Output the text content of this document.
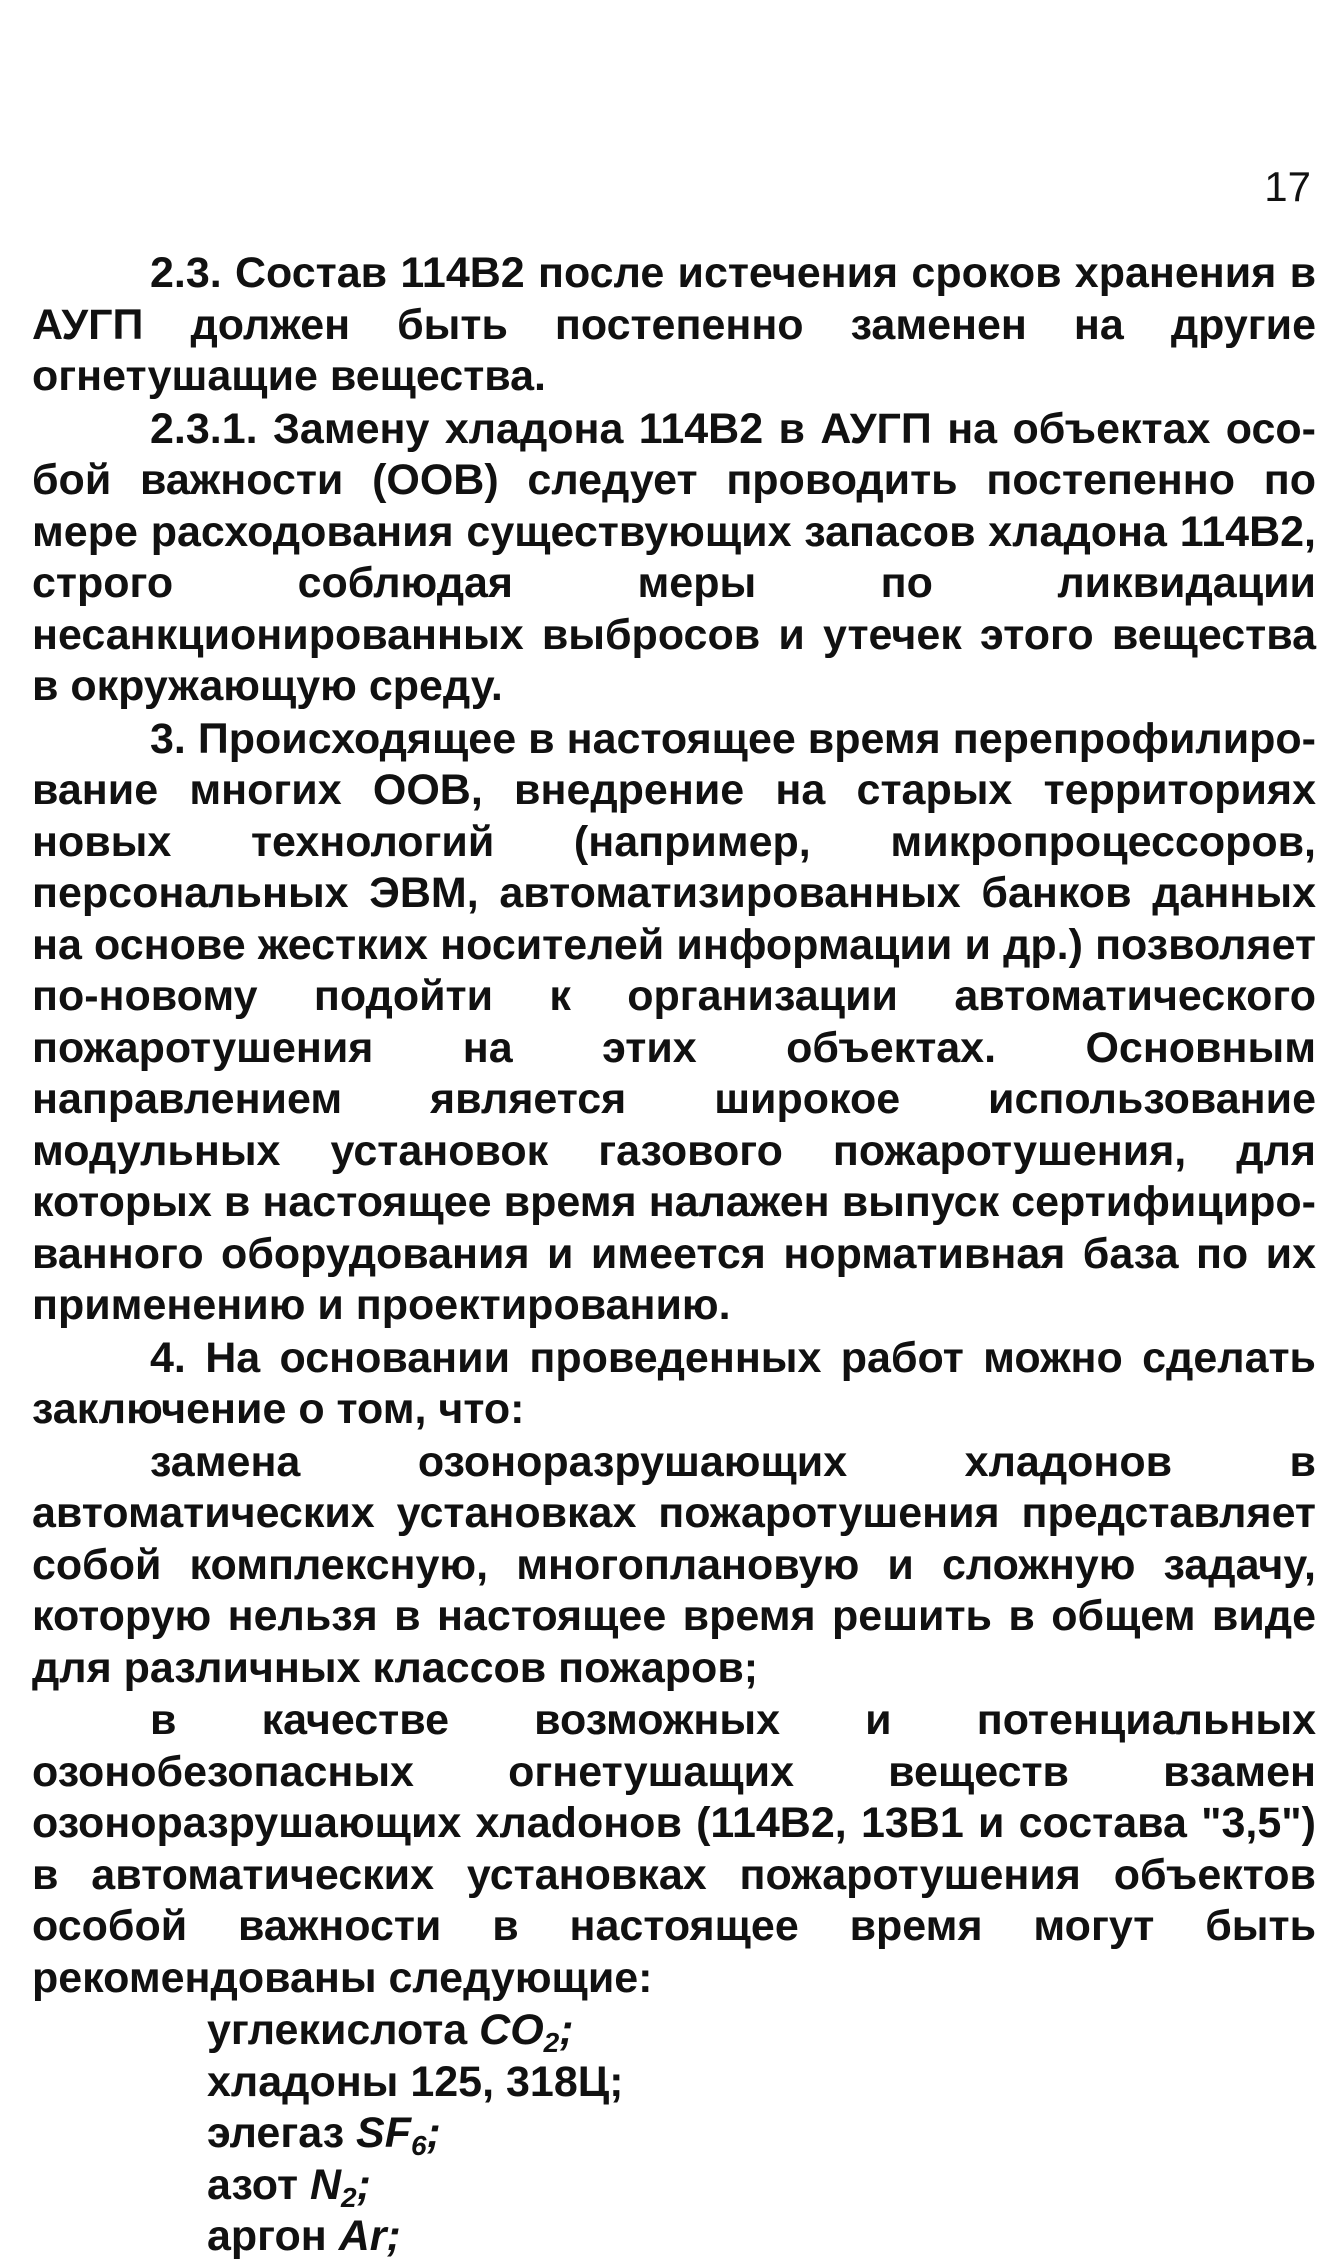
17

2.3. Состав 114В2 после истечения сроков хранения в АУГП должен быть постепенно заменен на другие огнетушащие вещества.

2.3.1. Замену хладона 114В2 в АУГП на объектах особой важности (ООВ) следует проводить постепенно по мере расходования существующих запасов хладона 114В2, строго соблюдая меры по ликвидации несанкционированных выбросов и утечек этого вещества в окружающую среду.

3. Происходящее в настоящее время перепрофилирование многих ООВ, внедрение на старых территориях новых технологий (например, микропроцессоров, персональных ЭВМ, автоматизированных банков данных на основе жестких носителей информации и др.) позволяет по-новому подойти к организации автоматического пожаротушения на этих объектах. Основным направлением является широкое использование модульных установок газового пожаротушения, для которых в настоящее время налажен выпуск сертифицированного оборудования и имеется нормативная база по их применению и проектированию.

4. На основании проведенных работ можно сделать заключение о том, что:

замена озоноразрушающих хладонов в автоматических установках пожаротушения представляет собой комплексную, многоплановую и сложную задачу, которую нельзя в настоящее время решить в общем виде для различных классов пожаров;

в качестве возможных и потенциальных озонобезопасных огнетушащих веществ взамен озоноразрушающих хлаdонов (114В2, 13В1 и состава "3,5") в автоматических установках пожаротушения объектов особой важности в настоящее время могут быть рекомендованы следующие:

углекислота $CO_2$;
хладоны 125, 318Ц;
элегаз $SF_6$;
азот $N_2$;
аргон Ar;
